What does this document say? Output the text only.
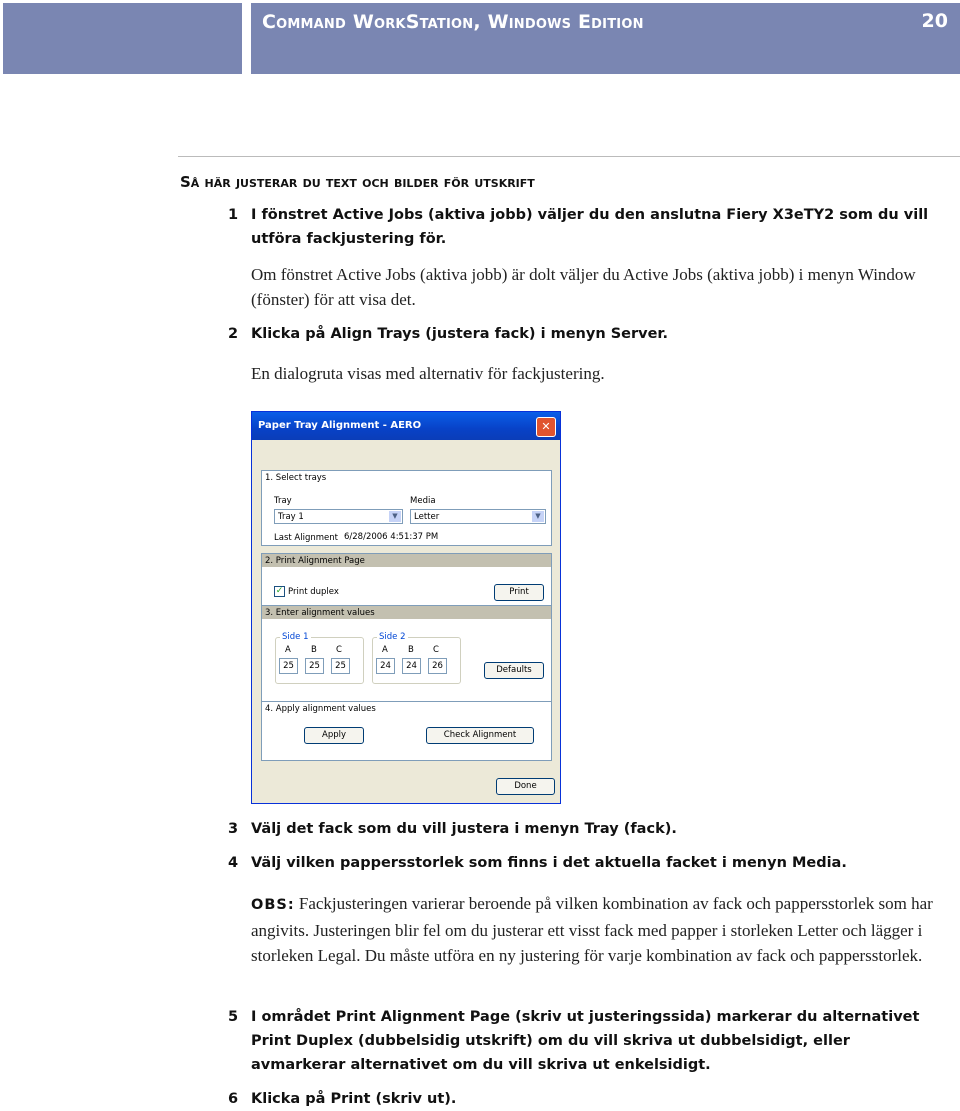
Command WorkStation, Windows Edition	20
Så här justerar du text och bilder för utskrift
1 I fönstret Active Jobs (aktiva jobb) väljer du den anslutna Fiery X3eTY2 som du vill utföra fackjustering för.
Om fönstret Active Jobs (aktiva jobb) är dolt väljer du Active Jobs (aktiva jobb) i menyn Window (fönster) för att visa det.
2 Klicka på Align Trays (justera fack) i menyn Server.
En dialogruta visas med alternativ för fackjustering.
Paper Tray Alignment - AERO	✕
1. Select trays
Tray
Tray 1	▼
Media
Letter	▼
Last Alignment 6/28/2006 4:51:37 PM
2. Print Alignment Page
✓ Print duplex	Print
3. Enter alignment values
Side 1
A B C
25	25	25
Side 2
A B C
24	24	26	Defaults
4. Apply alignment values
Apply	Check Alignment
Done
3 Välj det fack som du vill justera i menyn Tray (fack).
4 Välj vilken pappersstorlek som finns i det aktuella facket i menyn Media.
OBS: Fackjusteringen varierar beroende på vilken kombination av fack och pappersstorlek som har angivits. Justeringen blir fel om du justerar ett visst fack med papper i storleken Letter och lägger i storleken Legal. Du måste utföra en ny justering för varje kombination av fack och pappersstorlek.
5 I området Print Alignment Page (skriv ut justeringssida) markerar du alternativet Print Duplex (dubbelsidig utskrift) om du vill skriva ut dubbelsidigt, eller avmarkerar alternativet om du vill skriva ut enkelsidigt.
6 Klicka på Print (skriv ut).
